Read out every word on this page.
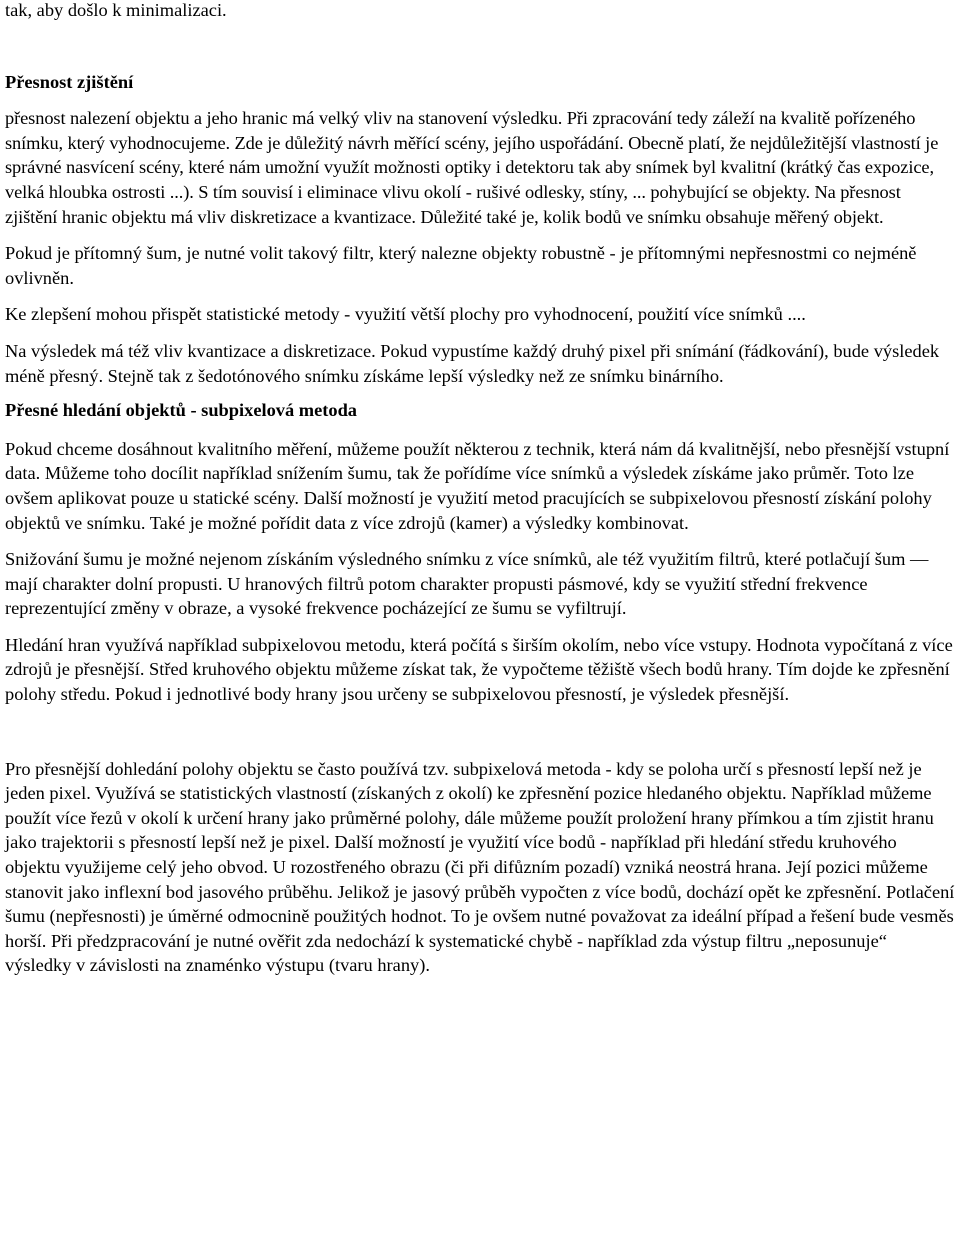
tak, aby došlo k minimalizaci.

Přesnost zjištění

přesnost nalezení objektu a jeho hranic má velký vliv na stanovení výsledku. Při zpracování tedy záleží na kvalitě pořízeného snímku, který vyhodnocujeme. Zde je důležitý návrh měřící scény, jejího uspořádání. Obecně platí, že nejdůležitější vlastností je správné nasvícení scény, které nám umožní využít možnosti optiky i detektoru tak aby snímek byl kvalitní (krátký čas expozice, velká hloubka ostrosti ...). S tím souvisí i eliminace vlivu okolí - rušivé odlesky, stíny, ... pohybující se objekty. Na přesnost zjištění hranic objektu má vliv diskretizace a kvantizace. Důležité také je, kolik bodů ve snímku obsahuje měřený objekt.

Pokud je přítomný šum, je nutné volit takový filtr, který nalezne objekty robustně - je přítomnými nepřesnostmi co nejméně ovlivněn.

Ke zlepšení mohou přispět statistické metody - využití větší plochy pro vyhodnocení, použití více snímků ....

Na výsledek má též vliv kvantizace a diskretizace. Pokud vypustíme každý druhý pixel při snímání (řádkování), bude výsledek méně přesný. Stejně tak z šedotónového snímku získáme lepší výsledky než ze snímku binárního.

Přesné hledání objektů - subpixelová metoda

Pokud chceme dosáhnout kvalitního měření, můžeme použít některou z technik, která nám dá kvalitnější, nebo přesnější vstupní data. Můžeme toho docílit například snížením šumu, tak že pořídíme více snímků a výsledek získáme jako průměr. Toto lze ovšem aplikovat pouze u statické scény. Další možností je využití metod pracujících se subpixelovou přesností získání polohy objektů ve snímku. Také je možné pořídit data z více zdrojů (kamer) a výsledky kombinovat.

Snižování šumu je možné nejenom získáním výsledného snímku z více snímků, ale též využitím filtrů, které potlačují šum — mají charakter dolní propusti. U hranových filtrů potom charakter propusti pásmové, kdy se využití střední frekvence reprezentující změny v obraze, a vysoké frekvence pocházející ze šumu se vyfiltrují.

Hledání hran využívá například subpixelovou metodu, která počítá s širším okolím, nebo více vstupy. Hodnota vypočítaná z více zdrojů je přesnější. Střed kruhového objektu můžeme získat tak, že vypočteme těžiště všech bodů hrany. Tím dojde ke zpřesnění polohy středu. Pokud i jednotlivé body hrany jsou určeny se subpixelovou přesností, je výsledek přesnější.

Pro přesnější dohledání polohy objektu se často používá tzv. subpixelová metoda - kdy se poloha určí s přesností lepší než je jeden pixel. Využívá se statistických vlastností (získaných z okolí) ke zpřesnění pozice hledaného objektu. Například můžeme použít více řezů v okolí k určení hrany jako průměrné polohy, dále můžeme použít proložení hrany přímkou a tím zjistit hranu jako trajektorii s přesností lepší než je pixel. Další možností je využití více bodů - například při hledání středu kruhového objektu využijeme celý jeho obvod. U rozostřeného obrazu (či při difůzním pozadí) vzniká neostrá hrana. Její pozici můžeme stanovit jako inflexní bod jasového průběhu. Jelikož je jasový průběh vypočten z více bodů, dochází opět ke zpřesnění. Potlačení šumu (nepřesnosti) je úměrné odmocnině použitých hodnot. To je ovšem nutné považovat za ideální případ a řešení bude vesměs horší. Při předzpracování je nutné ověřit zda nedochází k systematické chybě - například zda výstup filtru „neposunuje“ výsledky v závislosti na znaménko výstupu (tvaru hrany).
